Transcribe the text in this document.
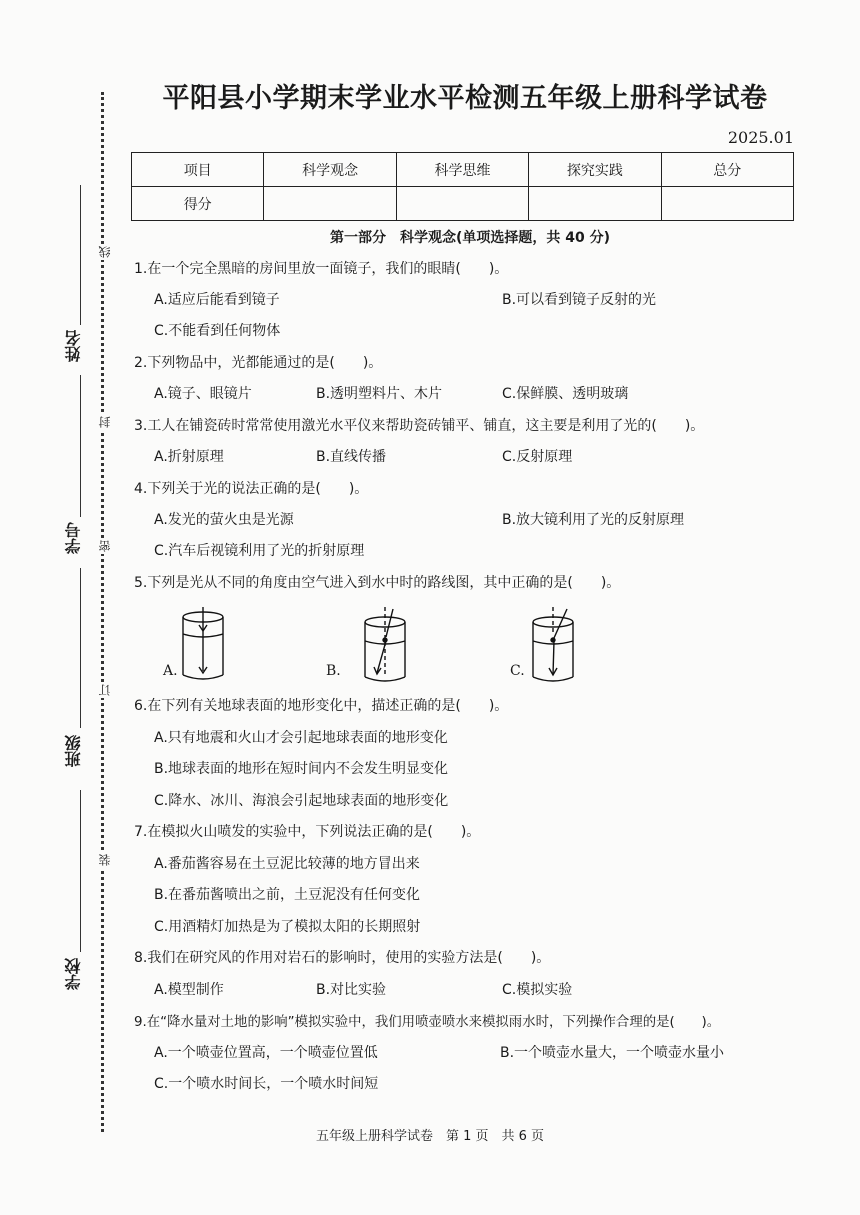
姓名
学号
班级
学校
线
封
密
订
装
平阳县小学期末学业水平检测五年级上册科学试卷
2025.01
项目	科学观念	科学思维	探究实践	总分
得分				
第一部分　科学观念(单项选择题，共 40 分)
1.在一个完全黑暗的房间里放一面镜子，我们的眼睛(　　)。
A.适应后能看到镜子	B.可以看到镜子反射的光
C.不能看到任何物体
2.下列物品中，光都能通过的是(　　)。
A.镜子、眼镜片	B.透明塑料片、木片	C.保鲜膜、透明玻璃
3.工人在铺瓷砖时常常使用激光水平仪来帮助瓷砖铺平、铺直，这主要是利用了光的(　　)。
A.折射原理	B.直线传播	C.反射原理
4.下列关于光的说法正确的是(　　)。
A.发光的萤火虫是光源	B.放大镜利用了光的反射原理
C.汽车后视镜利用了光的折射原理
5.下列是光从不同的角度由空气进入到水中时的路线图，其中正确的是(　　)。
A.	B.	C.
6.在下列有关地球表面的地形变化中，描述正确的是(　　)。
A.只有地震和火山才会引起地球表面的地形变化
B.地球表面的地形在短时间内不会发生明显变化
C.降水、冰川、海浪会引起地球表面的地形变化
7.在模拟火山喷发的实验中，下列说法正确的是(　　)。
A.番茄酱容易在土豆泥比较薄的地方冒出来
B.在番茄酱喷出之前，土豆泥没有任何变化
C.用酒精灯加热是为了模拟太阳的长期照射
8.我们在研究风的作用对岩石的影响时，使用的实验方法是(　　)。
A.模型制作	B.对比实验	C.模拟实验
9.在“降水量对土地的影响”模拟实验中，我们用喷壶喷水来模拟雨水时，下列操作合理的是(　　)。
A.一个喷壶位置高，一个喷壶位置低	B.一个喷壶水量大，一个喷壶水量小
C.一个喷水时间长，一个喷水时间短
五年级上册科学试卷　第 1 页　共 6 页
